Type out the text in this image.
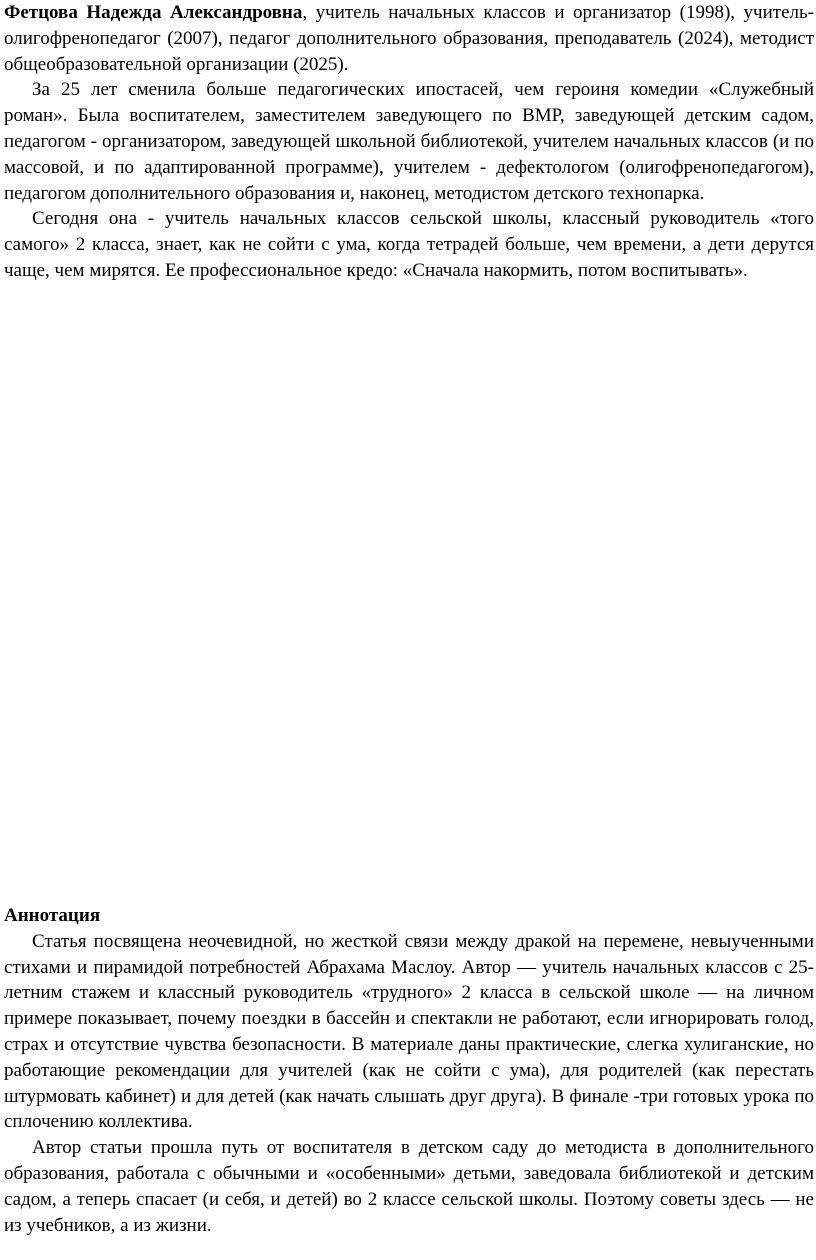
Фетцова Надежда Александровна, учитель начальных классов и организатор (1998), учитель-олигофренопедагог (2007), педагог дополнительного образования, преподаватель (2024), методист общеобразовательной организации (2025).

За 25 лет сменила больше педагогических ипостасей, чем героиня комедии «Служебный роман». Была воспитателем, заместителем заведующего по ВМР, заведующей детским садом, педагогом - организатором, заведующей школьной библиотекой, учителем начальных классов (и по массовой, и по адаптированной программе), учителем - дефектологом (олигофренопедагогом), педагогом дополнительного образования и, наконец, методистом детского технопарка.

Сегодня она - учитель начальных классов сельской школы, классный руководитель «того самого» 2 класса, знает, как не сойти с ума, когда тетрадей больше, чем времени, а дети дерутся чаще, чем мирятся. Ее профессиональное кредо: «Сначала накормить, потом воспитывать».

Аннотация

Статья посвящена неочевидной, но жесткой связи между дракой на перемене, невыученными стихами и пирамидой потребностей Абрахама Маслоу. Автор — учитель начальных классов с 25-летним стажем и классный руководитель «трудного» 2 класса в сельской школе — на личном примере показывает, почему поездки в бассейн и спектакли не работают, если игнорировать голод, страх и отсутствие чувства безопасности. В материале даны практические, слегка хулиганские, но работающие рекомендации для учителей (как не сойти с ума), для родителей (как перестать штурмовать кабинет) и для детей (как начать слышать друг друга). В финале -три готовых урока по сплочению коллектива.

Автор статьи прошла путь от воспитателя в детском саду до методиста в дополнительного образования, работала с обычными и «особенными» детьми, заведовала библиотекой и детским садом, а теперь спасает (и себя, и детей) во 2 классе сельской школы. Поэтому советы здесь — не из учебников, а из жизни.
